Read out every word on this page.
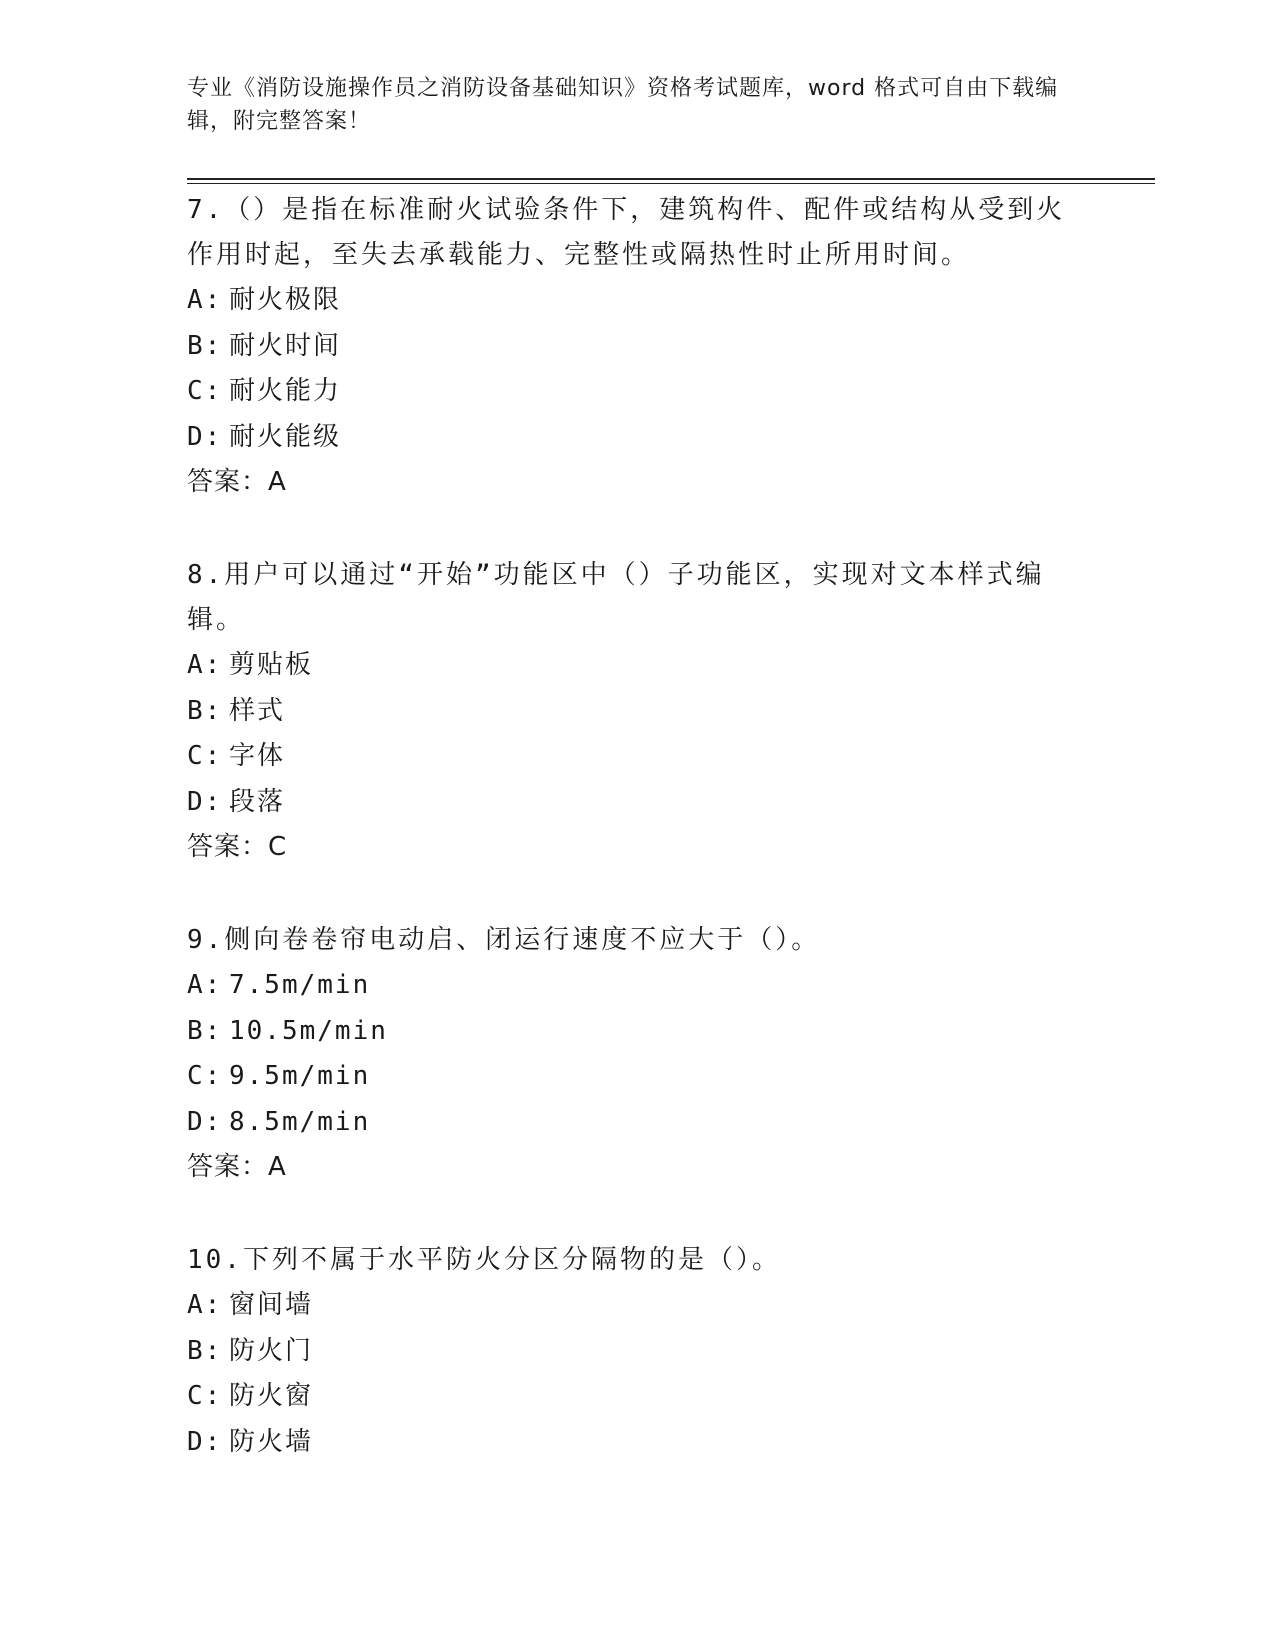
专业《消防设施操作员之消防设备基础知识》资格考试题库，word 格式可自由下载编辑，附完整答案！

7.（）是指在标准耐火试验条件下，建筑构件、配件或结构从受到火作用时起，至失去承载能力、完整性或隔热性时止所用时间。

A: 耐火极限

B: 耐火时间

C: 耐火能力

D: 耐火能级

答案：A

8.用户可以通过“开始”功能区中（）子功能区，实现对文本样式编辑。

A: 剪贴板

B: 样式

C: 字体

D: 段落

答案：C

9.侧向卷卷帘电动启、闭运行速度不应大于（）。

A: 7.5m/min

B: 10.5m/min

C: 9.5m/min

D: 8.5m/min

答案：A

10.下列不属于水平防火分区分隔物的是（）。

A: 窗间墙

B: 防火门

C: 防火窗

D: 防火墙
